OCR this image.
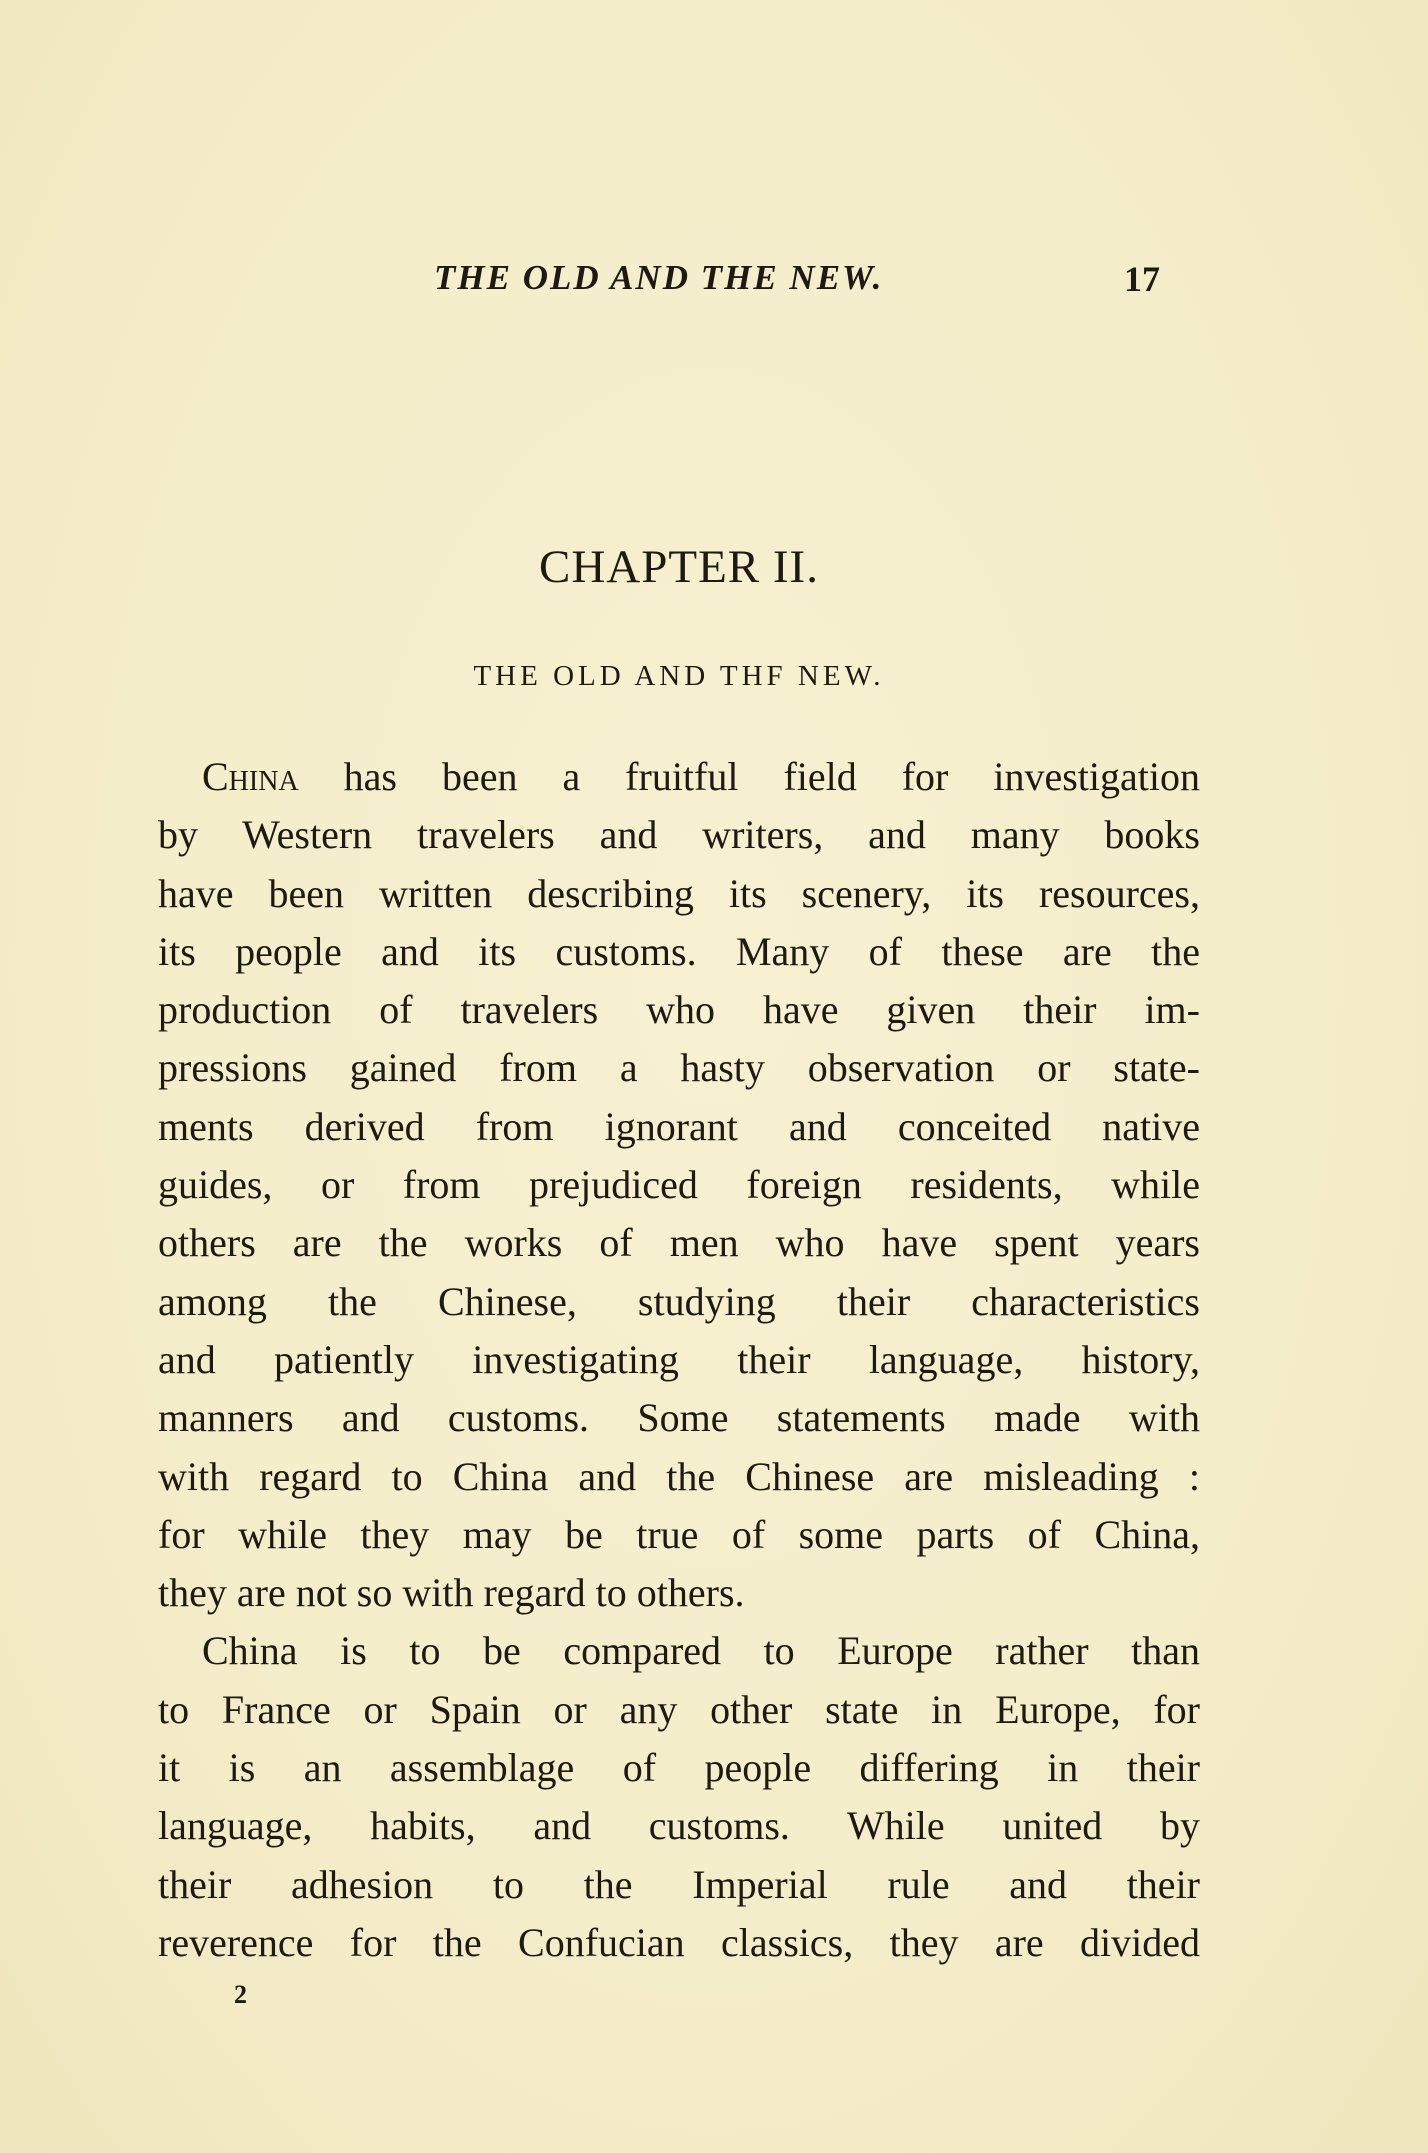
THE OLD AND THE NEW.	17
CHAPTER II.
THE OLD AND THF NEW.

China has been a fruitful field for investigation

by Western travelers and writers, and many books

have been written describing its scenery, its resources,

its people and its customs. Many of these are the

production of travelers who have given their im-

pressions gained from a hasty observation or state-

ments derived from ignorant and conceited native

guides, or from prejudiced foreign residents, while

others are the works of men who have spent years

among the Chinese, studying their characteristics

and patiently investigating their language, history,

manners and customs. Some statements made with

with regard to China and the Chinese are misleading :

for while they may be true of some parts of China,

they are not so with regard to others.

China is to be compared to Europe rather than

to France or Spain or any other state in Europe, for

it is an assemblage of people differing in their

language, habits, and customs. While united by

their adhesion to the Imperial rule and their

reverence for the Confucian classics, they are divided

2
